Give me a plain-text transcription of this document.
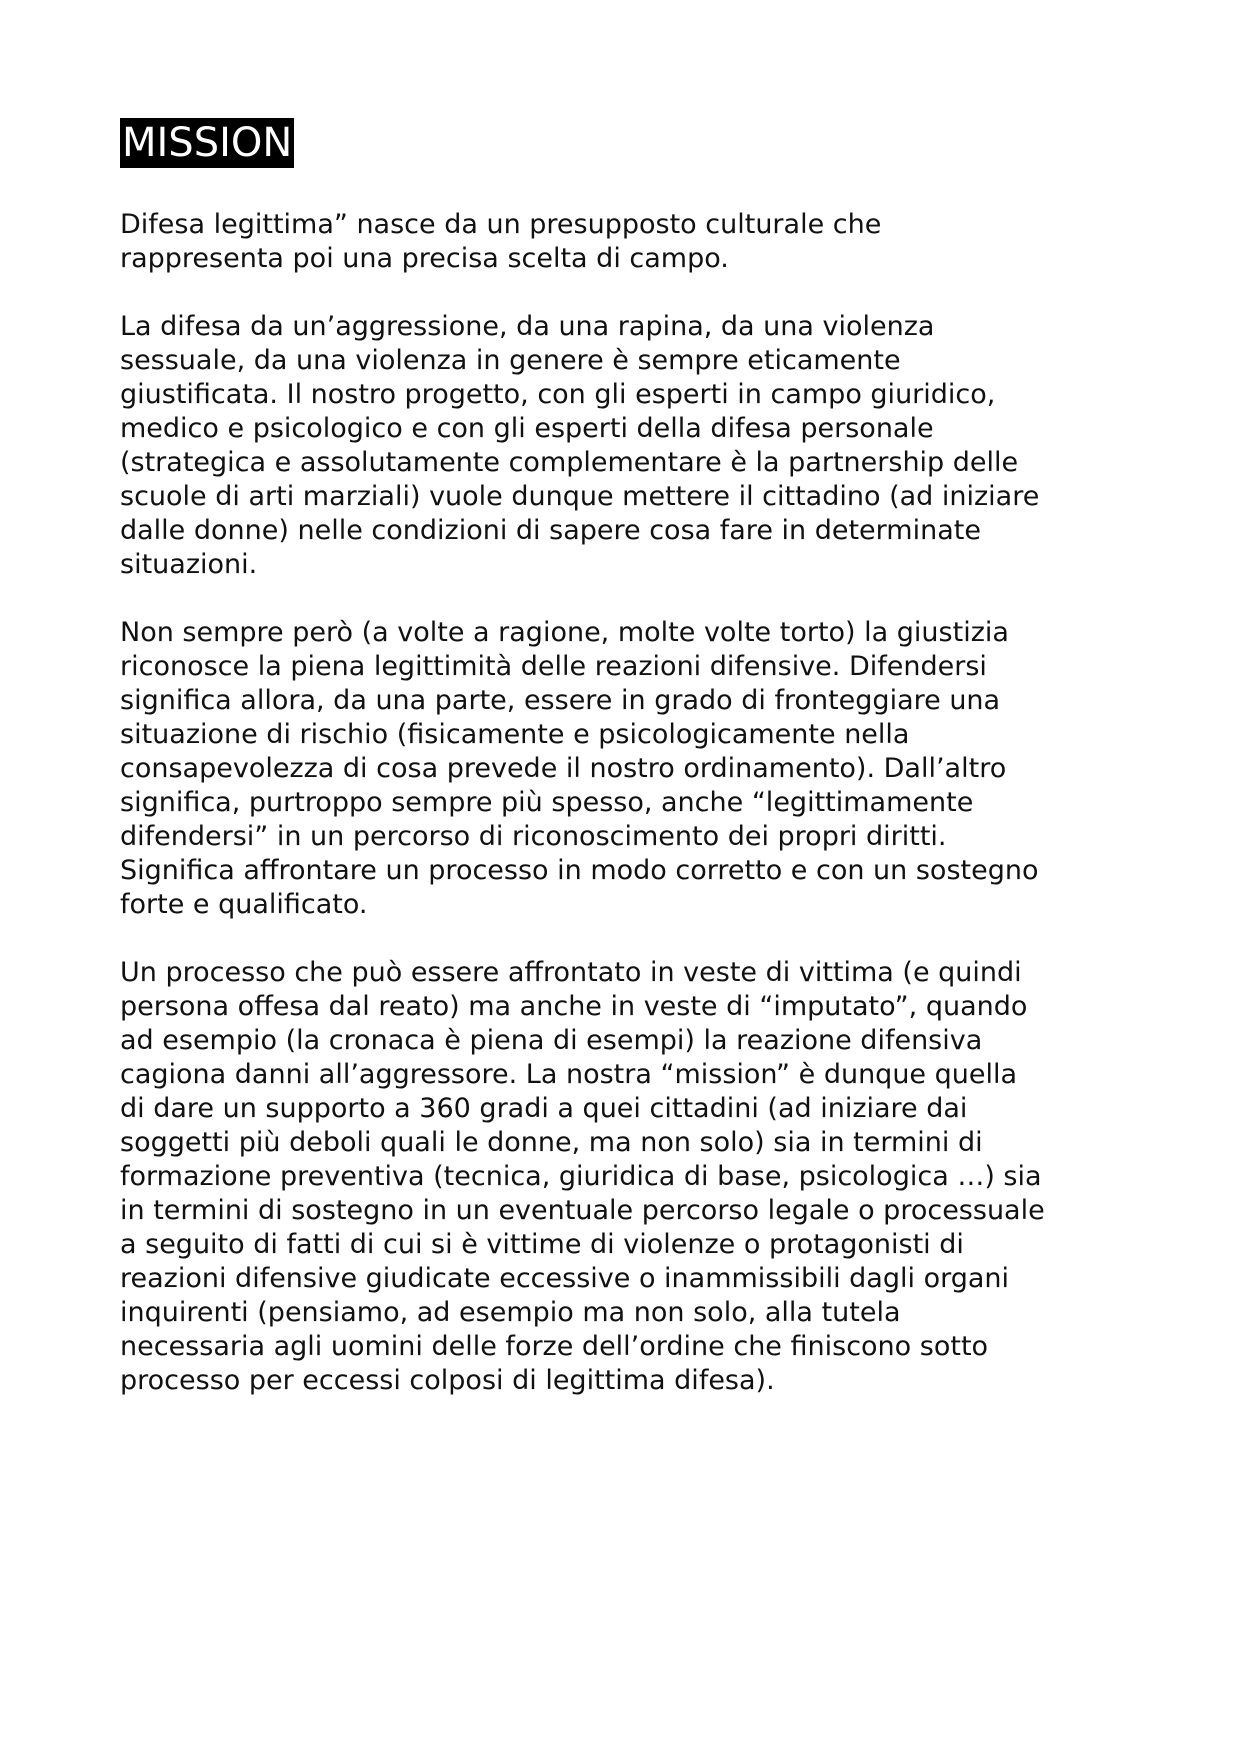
MISSION

Difesa legittima” nasce da un presupposto culturale che
rappresenta poi una precisa scelta di campo.

La difesa da un’aggressione, da una rapina, da una violenza
sessuale, da una violenza in genere è sempre eticamente
giustificata. Il nostro progetto, con gli esperti in campo giuridico,
medico e psicologico e con gli esperti della difesa personale
(strategica e assolutamente complementare è la partnership delle
scuole di arti marziali) vuole dunque mettere il cittadino (ad iniziare
dalle donne) nelle condizioni di sapere cosa fare in determinate
situazioni.

Non sempre però (a volte a ragione, molte volte torto) la giustizia
riconosce la piena legittimità delle reazioni difensive. Difendersi
significa allora, da una parte, essere in grado di fronteggiare una
situazione di rischio (fisicamente e psicologicamente nella
consapevolezza di cosa prevede il nostro ordinamento). Dall’altro
significa, purtroppo sempre più spesso, anche “legittimamente
difendersi” in un percorso di riconoscimento dei propri diritti.
Significa affrontare un processo in modo corretto e con un sostegno
forte e qualificato.

Un processo che può essere affrontato in veste di vittima (e quindi
persona offesa dal reato) ma anche in veste di “imputato”, quando
ad esempio (la cronaca è piena di esempi) la reazione difensiva
cagiona danni all’aggressore. La nostra “mission” è dunque quella
di dare un supporto a 360 gradi a quei cittadini (ad iniziare dai
soggetti più deboli quali le donne, ma non solo) sia in termini di
formazione preventiva (tecnica, giuridica di base, psicologica …) sia
in termini di sostegno in un eventuale percorso legale o processuale
a seguito di fatti di cui si è vittime di violenze o protagonisti di
reazioni difensive giudicate eccessive o inammissibili dagli organi
inquirenti (pensiamo, ad esempio ma non solo, alla tutela
necessaria agli uomini delle forze dell’ordine che finiscono sotto
processo per eccessi colposi di legittima difesa).
